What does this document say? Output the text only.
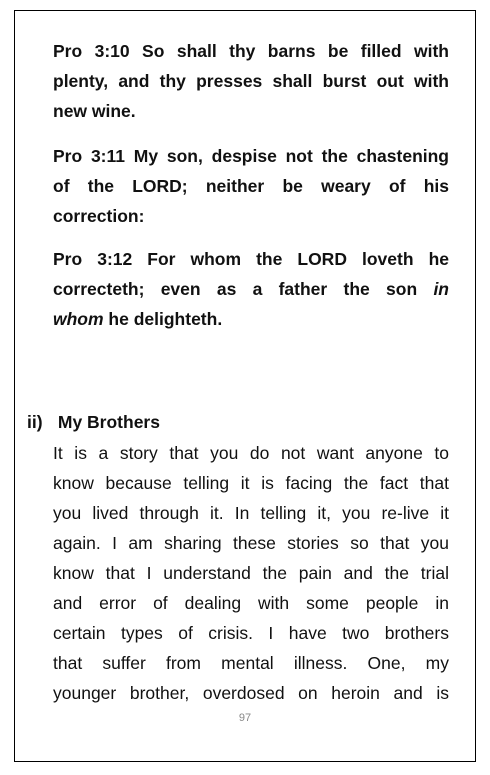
Pro 3:10 So shall thy barns be filled with
plenty, and thy presses shall burst out with
new wine.
Pro 3:11 My son, despise not the chastening
of the LORD; neither be weary of his
correction:
Pro 3:12 For whom the LORD loveth he
correcteth; even as a father the son in
whom he delighteth.
ii) My Brothers
It is a story that you do not want anyone to
know because telling it is facing the fact that
you lived through it. In telling it, you re-live it
again. I am sharing these stories so that you
know that I understand the pain and the trial
and error of dealing with some people in
certain types of crisis. I have two brothers
that suffer from mental illness. One, my
younger brother, overdosed on heroin and is
97
